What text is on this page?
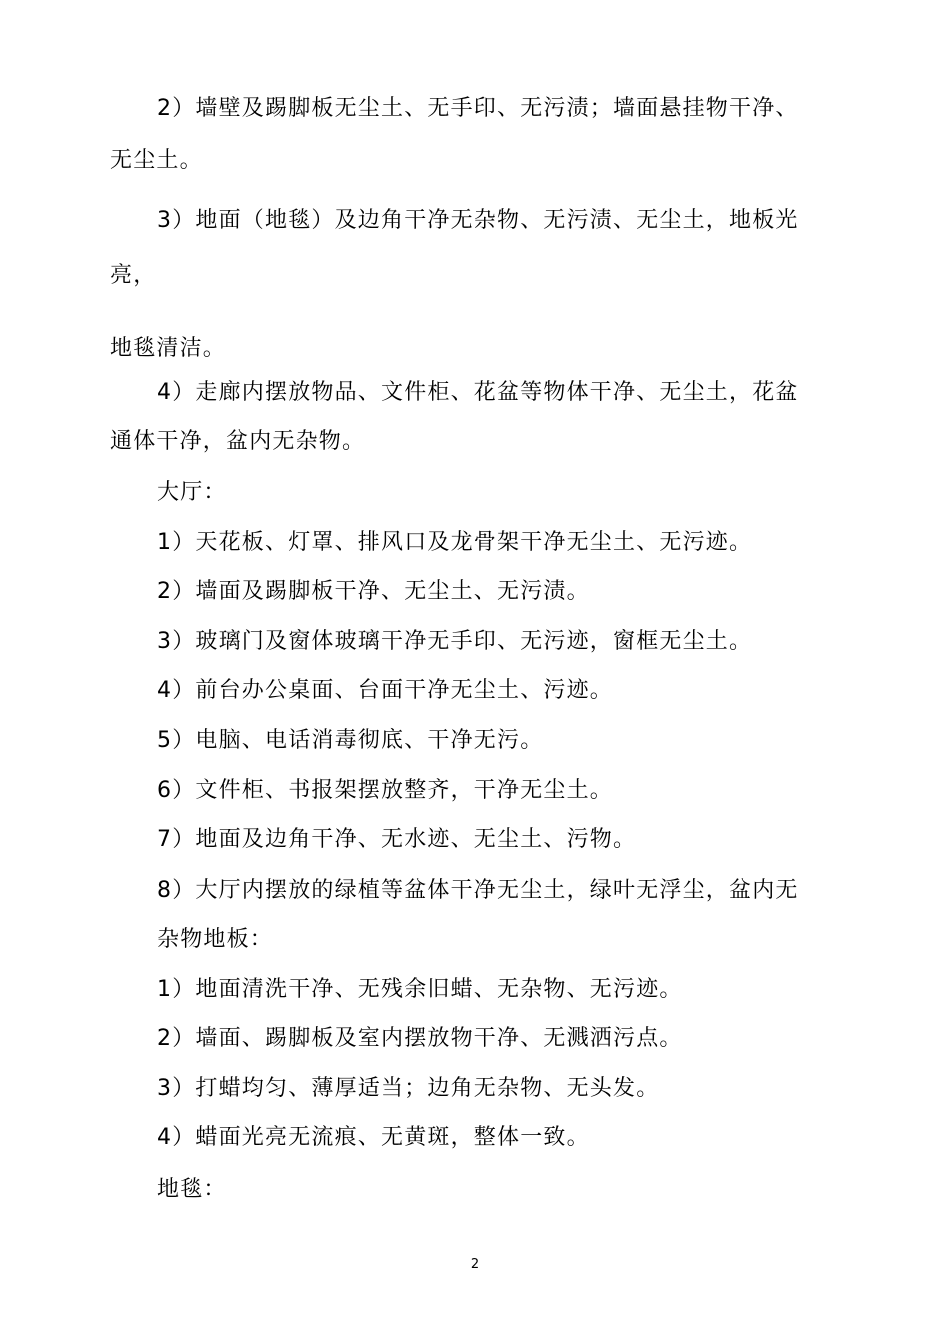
2）墙壁及踢脚板无尘土、无手印、无污渍；墙面悬挂物干净、
无尘土。
3）地面（地毯）及边角干净无杂物、无污渍、无尘土，地板光
亮，
地毯清洁。
4）走廊内摆放物品、文件柜、花盆等物体干净、无尘土，花盆
通体干净，盆内无杂物。
大厅：
1）天花板、灯罩、排风口及龙骨架干净无尘土、无污迹。
2）墙面及踢脚板干净、无尘土、无污渍。
3）玻璃门及窗体玻璃干净无手印、无污迹，窗框无尘土。
4）前台办公桌面、台面干净无尘土、污迹。
5）电脑、电话消毒彻底、干净无污。
6）文件柜、书报架摆放整齐，干净无尘土。
7）地面及边角干净、无水迹、无尘土、污物。
8）大厅内摆放的绿植等盆体干净无尘土，绿叶无浮尘，盆内无
杂物地板：
1）地面清洗干净、无残余旧蜡、无杂物、无污迹。
2）墙面、踢脚板及室内摆放物干净、无溅洒污点。
3）打蜡均匀、薄厚适当；边角无杂物、无头发。
4）蜡面光亮无流痕、无黄斑，整体一致。
地毯：
2
